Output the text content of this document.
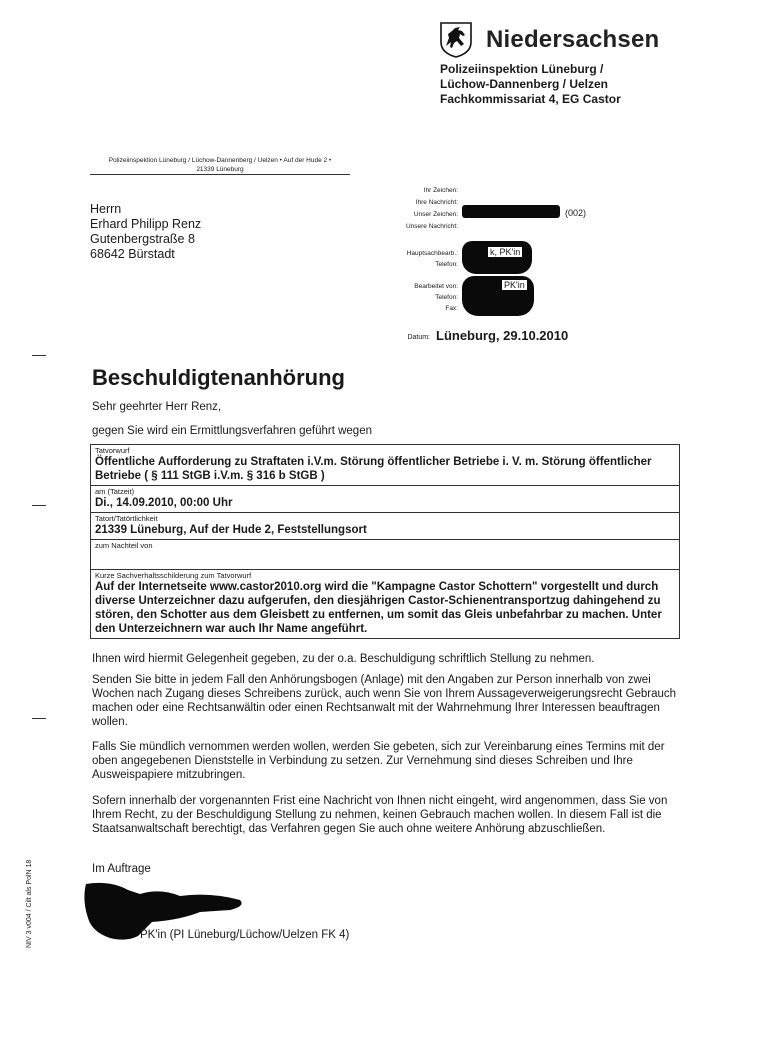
Niedersachsen
Polizeiinspektion Lüneburg /
Lüchow-Dannenberg / Uelzen
Fachkommissariat 4, EG Castor
Polizeiinspektion Lüneburg / Lüchow-Dannenberg / Uelzen • Auf der Hude 2 •
21339 Lüneburg
Herrn
Erhard Philipp Renz
Gutenbergstraße 8
68642 Bürstadt
Ihr Zeichen:
Ihre Nachricht:
Unser Zeichen:	(002)
Unsere Nachricht:
Hauptsachbearb.:
Telefon:
k, PK'in
Bearbeitet von:
Telefon:
Fax:
PK'in
Datum: Lüneburg, 29.10.2010
Beschuldigtenanhörung
Sehr geehrter Herr Renz,
gegen Sie wird ein Ermittlungsverfahren geführt wegen
Tatvorwurf
Öffentliche Aufforderung zu Straftaten i.V.m. Störung öffentlicher Betriebe i. V. m. Störung öffentlicher Betriebe ( § 111 StGB i.V.m. § 316 b StGB )
am (Tatzeit)
Di., 14.09.2010, 00:00 Uhr
Tatort/Tatörtlichkeit
21339 Lüneburg, Auf der Hude 2, Feststellungsort
zum Nachteil von
Kurze Sachverhaltsschilderung zum Tatvorwurf
Auf der Internetseite www.castor2010.org wird die "Kampagne Castor Schottern" vorgestellt und durch diverse Unterzeichner dazu aufgerufen, den diesjährigen Castor-Schienentransportzug dahingehend zu stören, den Schotter aus dem Gleisbett zu entfernen, um somit das Gleis unbefahrbar zu machen. Unter den Unterzeichnern war auch Ihr Name angeführt.
Ihnen wird hiermit Gelegenheit gegeben, zu der o.a. Beschuldigung schriftlich Stellung zu nehmen.
Senden Sie bitte in jedem Fall den Anhörungsbogen (Anlage) mit den Angaben zur Person innerhalb von zwei Wochen nach Zugang dieses Schreibens zurück, auch wenn Sie von Ihrem Aussageverweigerungsrecht Gebrauch machen oder eine Rechtsanwältin oder einen Rechtsanwalt mit der Wahrnehmung Ihrer Interessen beauftragen wollen.
Falls Sie mündlich vernommen werden wollen, werden Sie gebeten, sich zur Vereinbarung eines Termins mit der oben angegebenen Dienststelle in Verbindung zu setzen. Zur Vernehmung sind dieses Schreiben und Ihre Ausweispapiere mitzubringen.
Sofern innerhalb der vorgenannten Frist eine Nachricht von Ihnen nicht eingeht, wird angenommen, dass Sie von Ihrem Recht, zu der Beschuldigung Stellung zu nehmen, keinen Gebrauch machen wollen. In diesem Fall ist die Staatsanwaltschaft berechtigt, das Verfahren gegen Sie auch ohne weitere Anhörung abzuschließen.
Im Auftrage
PK'in (PI Lüneburg/Lüchow/Uelzen FK 4)
NIV 3 v004 / Cilt als PolN 18
